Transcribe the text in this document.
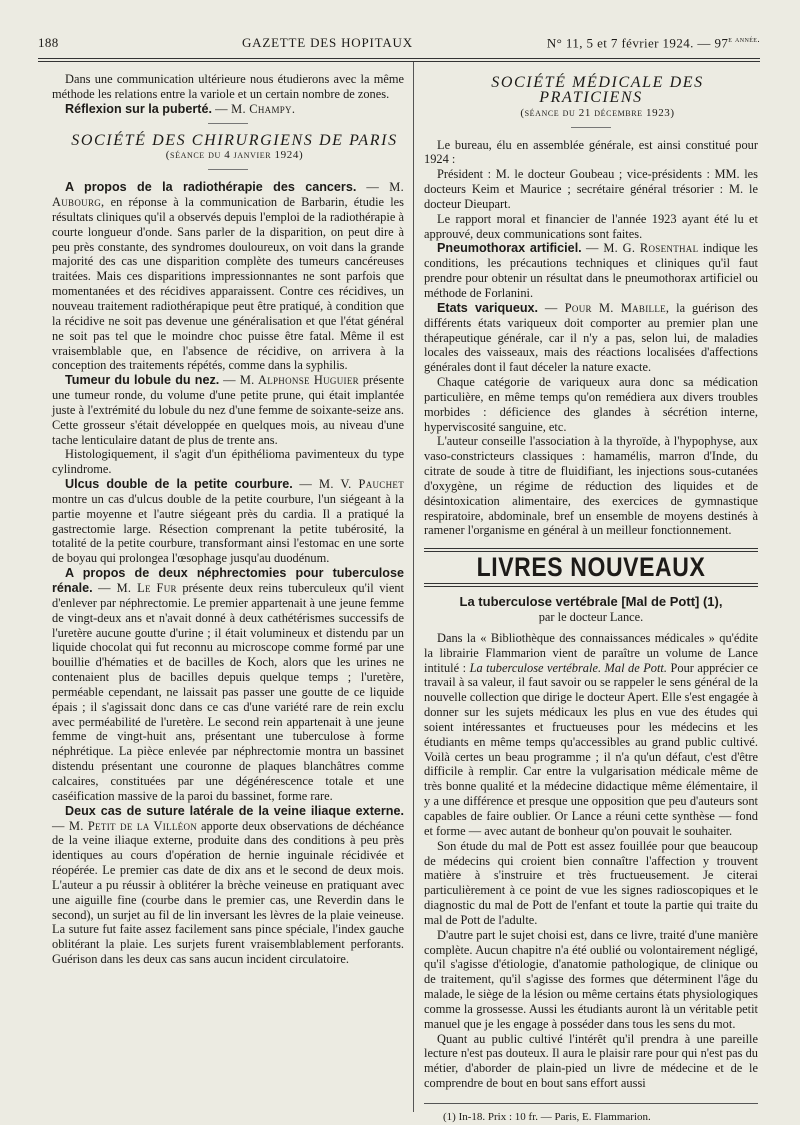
188	GAZETTE DES HOPITAUX	N° 11, 5 et 7 février 1924. — $97^{e année.}$

Dans une communication ultérieure nous étudierons avec la même méthode les relations entre la variole et un certain nombre de zones.

Réflexion sur la puberté. — M. Champy.

SOCIÉTÉ DES CHIRURGIENS DE PARIS

(séance du 4 janvier 1924)

A propos de la radiothérapie des cancers. — M. Aubourg, en réponse à la communication de Barbarin, étudie les résultats cliniques qu'il a observés depuis l'emploi de la radiothérapie à courte longueur d'onde. Sans parler de la disparition, on peut dire à peu près constante, des syndromes douloureux, on voit dans la grande majorité des cas une disparition complète des tumeurs cancéreuses traitées. Mais ces disparitions impressionnantes ne sont parfois que momentanées et des récidives apparaissent. Contre ces récidives, un nouveau traitement radiothérapique peut être pratiqué, à condition que la récidive ne soit pas devenue une généralisation et que l'état général ne soit pas tel que le moindre choc puisse être fatal. Même il est vraisemblable que, en l'absence de récidive, on arrivera à la conception des traitements répétés, comme dans la syphilis.

Tumeur du lobule du nez. — M. Alphonse Huguier présente une tumeur ronde, du volume d'une petite prune, qui était implantée juste à l'extrémité du lobule du nez d'une femme de soixante-seize ans. Cette grosseur s'était développée en quelques mois, au niveau d'une tache lenticulaire datant de plus de trente ans.

Histologiquement, il s'agit d'un épithélioma pavimenteux du type cylindrome.

Ulcus double de la petite courbure. — M. V. Pauchet montre un cas d'ulcus double de la petite courbure, l'un siégeant à la partie moyenne et l'autre siégeant près du cardia. Il a pratiqué la gastrectomie large. Résection comprenant la petite tubérosité, la totalité de la petite courbure, transformant ainsi l'estomac en une sorte de boyau qui prolongea l'œsophage jusqu'au duodénum.

A propos de deux néphrectomies pour tuberculose rénale. — M. Le Fur présente deux reins tuberculeux qu'il vient d'enlever par néphrectomie. Le premier appartenait à une jeune femme de vingt-deux ans et n'avait donné à deux cathétérismes successifs de l'uretère aucune goutte d'urine ; il était volumineux et distendu par un liquide chocolat qui fut reconnu au microscope comme formé par une bouillie d'hématies et de bacilles de Koch, alors que les urines ne contenaient plus de bacilles depuis quelque temps ; l'uretère, perméable cependant, ne laissait pas passer une goutte de ce liquide épais ; il s'agissait donc dans ce cas d'une variété rare de rein exclu avec perméabilité de l'uretère. Le second rein appartenait à une jeune femme de vingt-huit ans, présentant une tuberculose à forme néphrétique. La pièce enlevée par néphrectomie montra un bassinet distendu présentant une couronne de plaques blanchâtres comme calcaires, constituées par une dégénérescence totale et une caséification massive de la paroi du bassinet, forme rare.

Deux cas de suture latérale de la veine iliaque externe. — M. Petit de la Villéon apporte deux observations de déchéance de la veine iliaque externe, produite dans des conditions à peu près identiques au cours d'opération de hernie inguinale récidivée et réopérée. Le premier cas date de dix ans et le second de deux mois. L'auteur a pu réussir à oblitérer la brèche veineuse en pratiquant avec une aiguille fine (courbe dans le premier cas, une Reverdin dans le second), un surjet au fil de lin inversant les lèvres de la plaie veineuse. La suture fut faite assez facilement sans pince spéciale, l'index gauche oblitérant la plaie. Les surjets furent vraisemblablement perforants. Guérison dans les deux cas sans aucun incident circulatoire.

SOCIÉTÉ MÉDICALE DES PRATICIENS

(séance du 21 décembre 1923)

Le bureau, élu en assemblée générale, est ainsi constitué pour 1924 :

Président : M. le docteur Goubeau ; vice-présidents : MM. les docteurs Keim et Maurice ; secrétaire général trésorier : M. le docteur Dieupart.

Le rapport moral et financier de l'année 1923 ayant été lu et approuvé, deux communications sont faites.

Pneumothorax artificiel. — M. G. Rosenthal indique les conditions, les précautions techniques et cliniques qu'il faut prendre pour obtenir un résultat dans le pneumothorax artificiel ou méthode de Forlanini.

Etats variqueux. — Pour M. Mabille, la guérison des différents états variqueux doit comporter au premier plan une thérapeutique générale, car il n'y a pas, selon lui, de maladies locales des vaisseaux, mais des réactions localisées d'affections générales dont il faut déceler la nature exacte.

Chaque catégorie de variqueux aura donc sa médication particulière, en même temps qu'on remédiera aux divers troubles morbides : déficience des glandes à sécrétion interne, hyperviscosité sanguine, etc.

L'auteur conseille l'association à la thyroïde, à l'hypophyse, aux vaso-constricteurs classiques : hamamélis, marron d'Inde, du citrate de soude à titre de fluidifiant, les injections sous-cutanées d'oxygène, un régime de réduction des liquides et de désintoxication alimentaire, des exercices de gymnastique respiratoire, abdominale, bref un ensemble de moyens destinés à ramener l'organisme en général à un meilleur fonctionnement.

LIVRES NOUVEAUX
La tuberculose vertébrale [Mal de Pott] (1),
par le docteur Lance.

Dans la « Bibliothèque des connaissances médicales » qu'édite la librairie Flammarion vient de paraître un volume de Lance intitulé : La tuberculose vertébrale. Mal de Pott. Pour apprécier ce travail à sa valeur, il faut savoir ou se rappeler le sens général de la nouvelle collection que dirige le docteur Apert. Elle s'est engagée à donner sur les sujets médicaux les plus en vue des études qui soient intéressantes et fructueuses pour les médecins et les étudiants en même temps qu'accessibles au grand public cultivé. Voilà certes un beau programme ; il n'a qu'un défaut, c'est d'être difficile à remplir. Car entre la vulgarisation médicale même de très bonne qualité et la médecine didactique même élémentaire, il y a une différence et presque une opposition que peu d'auteurs sont capables de faire oublier. Or Lance a réuni cette synthèse — fond et forme — avec autant de bonheur qu'on pouvait le souhaiter.

Son étude du mal de Pott est assez fouillée pour que beaucoup de médecins qui croient bien connaître l'affection y trouvent matière à s'instruire et très fructueusement. Je citerai particulièrement à ce point de vue les signes radioscopiques et le diagnostic du mal de Pott de l'enfant et toute la partie qui traite du mal de Pott de l'adulte.

D'autre part le sujet choisi est, dans ce livre, traité d'une manière complète. Aucun chapitre n'a été oublié ou volontairement négligé, qu'il s'agisse d'étiologie, d'anatomie pathologique, de clinique ou de traitement, qu'il s'agisse des formes que déterminent l'âge du malade, le siège de la lésion ou même certains états physiologiques comme la grossesse. Aussi les étudiants auront là un véritable petit manuel que je les engage à posséder dans tous les sens du mot.

Quant au public cultivé l'intérêt qu'il prendra à une pareille lecture n'est pas douteux. Il aura le plaisir rare pour qui n'est pas du métier, d'aborder de plain-pied un livre de médecine et de le comprendre de bout en bout sans effort aussi

(1) In-18. Prix : 10 fr. — Paris, E. Flammarion.
